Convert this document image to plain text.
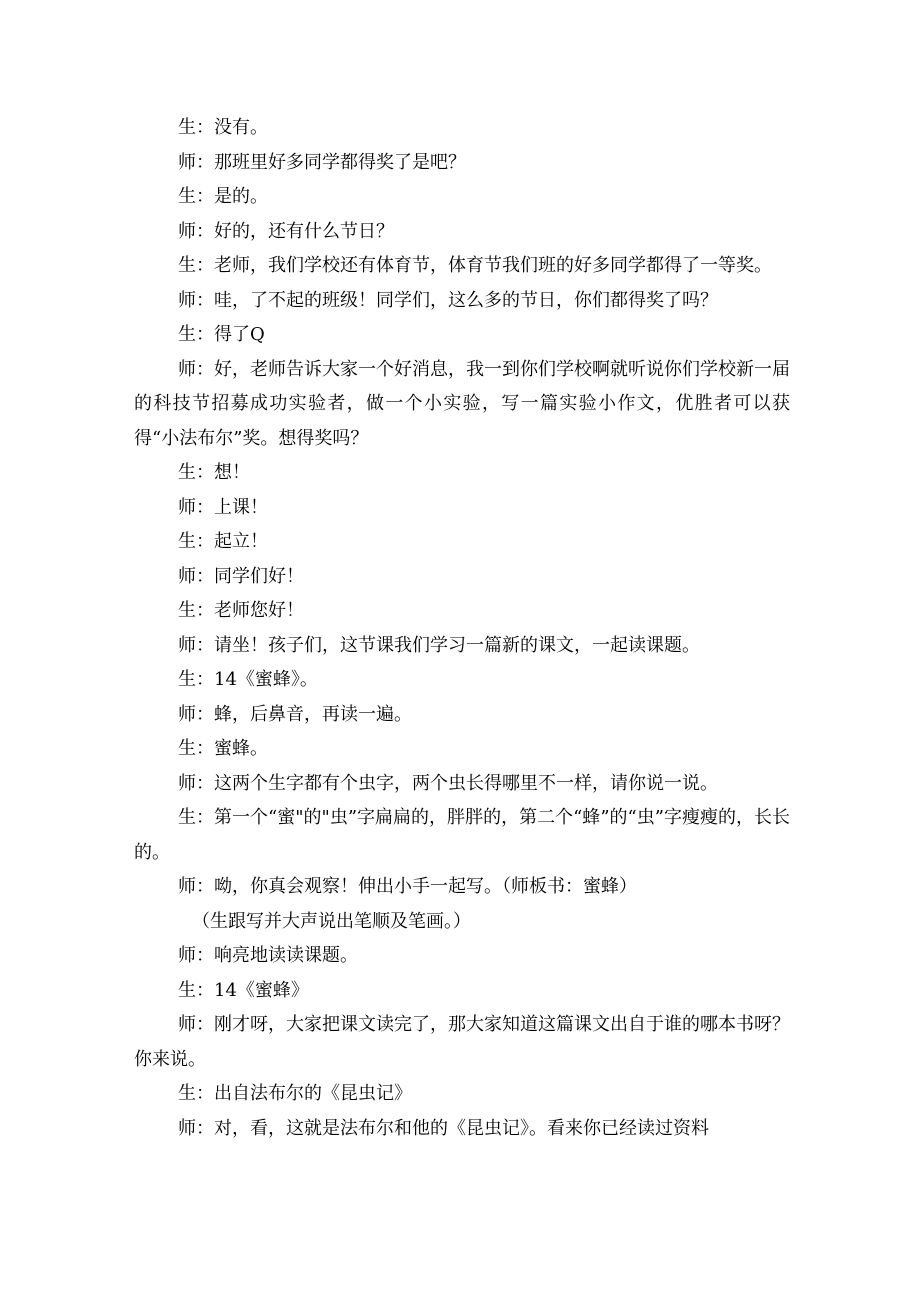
生：没有。

师：那班里好多同学都得奖了是吧？

生：是的。

师：好的，还有什么节日？

生：老师，我们学校还有体育节，体育节我们班的好多同学都得了一等奖。

师：哇，了不起的班级！同学们，这么多的节日，你们都得奖了吗？

生：得了Q

师：好，老师告诉大家一个好消息，我一到你们学校啊就听说你们学校新一届的科技节招募成功实验者，做一个小实验，写一篇实验小作文，优胜者可以获得“小法布尔”奖。想得奖吗？

生：想！

师：上课！

生：起立！

师：同学们好！

生：老师您好！

师：请坐！孩子们，这节课我们学习一篇新的课文，一起读课题。

生：14《蜜蜂》。

师：蜂，后鼻音，再读一遍。

生：蜜蜂。

师：这两个生字都有个虫字，两个虫长得哪里不一样，请你说一说。

生：第一个“蜜"的"虫”字扁扁的，胖胖的，第二个“蜂”的“虫”字瘦瘦的，长长的。

师：呦，你真会观察！伸出小手一起写。（师板书：蜜蜂）

（生跟写并大声说出笔顺及笔画。）

师：响亮地读读课题。

生：14《蜜蜂》

师：刚才呀，大家把课文读完了，那大家知道这篇课文出自于谁的哪本书呀？你来说。

生：出自法布尔的《昆虫记》

师：对，看，这就是法布尔和他的《昆虫记》。看来你已经读过资料
